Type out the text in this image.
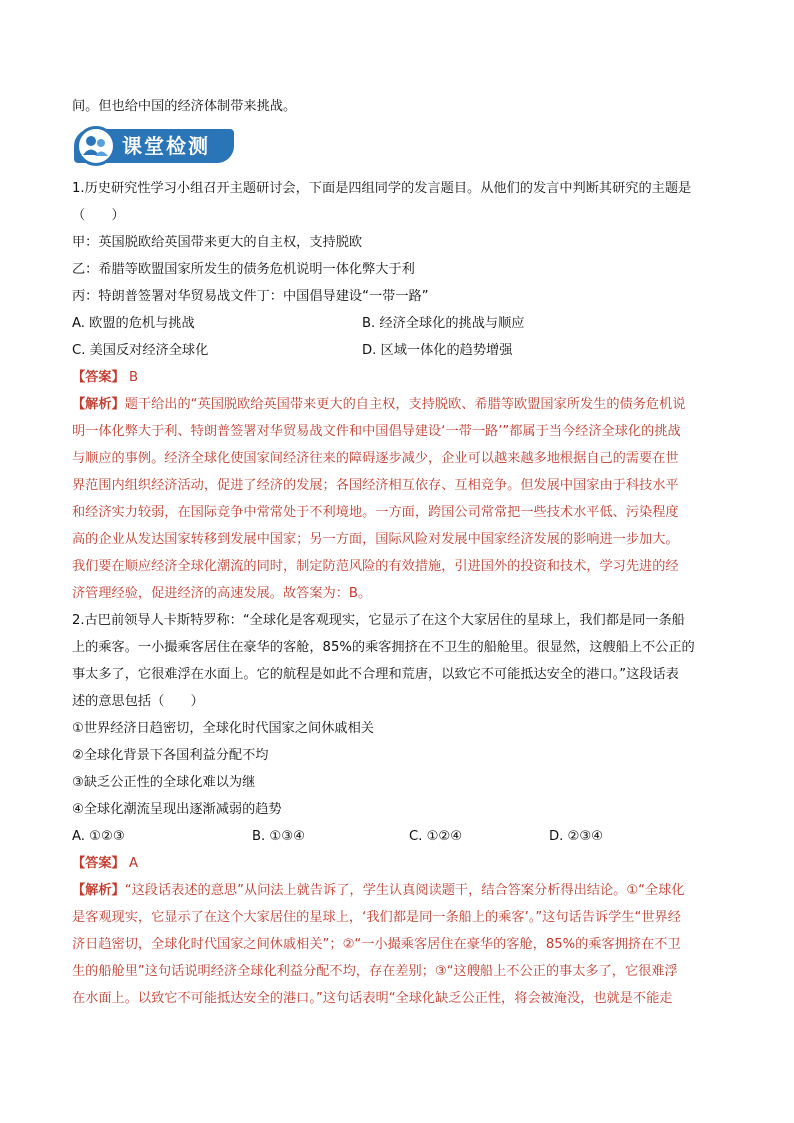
间。但也给中国的经济体制带来挑战。
课堂检测
1.历史研究性学习小组召开主题研讨会，下面是四组同学的发言题目。从他们的发言中判断其研究的主题是
（　　）
甲：英国脱欧给英国带来更大的自主权，支持脱欧
乙：希腊等欧盟国家所发生的债务危机说明一体化弊大于利
丙：特朗普签署对华贸易战文件丁：中国倡导建设“一带一路”
A. 欧盟的危机与挑战	B. 经济全球化的挑战与顺应
C. 美国反对经济全球化	D. 区域一体化的趋势增强
【答案】 B
【解析】题干给出的“英国脱欧给英国带来更大的自主权，支持脱欧、希腊等欧盟国家所发生的债务危机说
明一体化弊大于利、特朗普签署对华贸易战文件和中国倡导建设‘一带一路’”都属于当今经济全球化的挑战
与顺应的事例。经济全球化使国家间经济往来的障碍逐步减少，企业可以越来越多地根据自己的需要在世
界范围内组织经济活动，促进了经济的发展；各国经济相互依存、互相竞争。但发展中国家由于科技水平
和经济实力较弱，在国际竞争中常常处于不利境地。一方面，跨国公司常常把一些技术水平低、污染程度
高的企业从发达国家转移到发展中国家；另一方面，国际风险对发展中国家经济发展的影响进一步加大。
我们要在顺应经济全球化潮流的同时，制定防范风险的有效措施，引进国外的投资和技术，学习先进的经
济管理经验，促进经济的高速发展。故答案为：B。
2.古巴前领导人卡斯特罗称：“全球化是客观现实，它显示了在这个大家居住的星球上，我们都是同一条船
上的乘客。一小撮乘客居住在豪华的客舱，85%的乘客拥挤在不卫生的船舱里。很显然，这艘船上不公正的
事太多了，它很难浮在水面上。它的航程是如此不合理和荒唐，以致它不可能抵达安全的港口。”这段话表
述的意思包括（　　）
①世界经济日趋密切，全球化时代国家之间休戚相关
②全球化背景下各国利益分配不均
③缺乏公正性的全球化难以为继
④全球化潮流呈现出逐渐减弱的趋势
A. ①②③	B. ①③④	C. ①②④	D. ②③④
【答案】 A
【解析】“这段话表述的意思”从问法上就告诉了，学生认真阅读题干，结合答案分析得出结论。①“全球化
是客观现实，它显示了在这个大家居住的星球上，‘我们都是同一条船上的乘客’。”这句话告诉学生“世界经
济日趋密切，全球化时代国家之间休戚相关”；②“一小撮乘客居住在豪华的客舱，85%的乘客拥挤在不卫
生的船舱里”这句话说明经济全球化利益分配不均，存在差别；③“这艘船上不公正的事太多了，它很难浮
在水面上。以致它不可能抵达安全的港口。”这句话表明“全球化缺乏公正性，将会被淹没，也就是不能走
